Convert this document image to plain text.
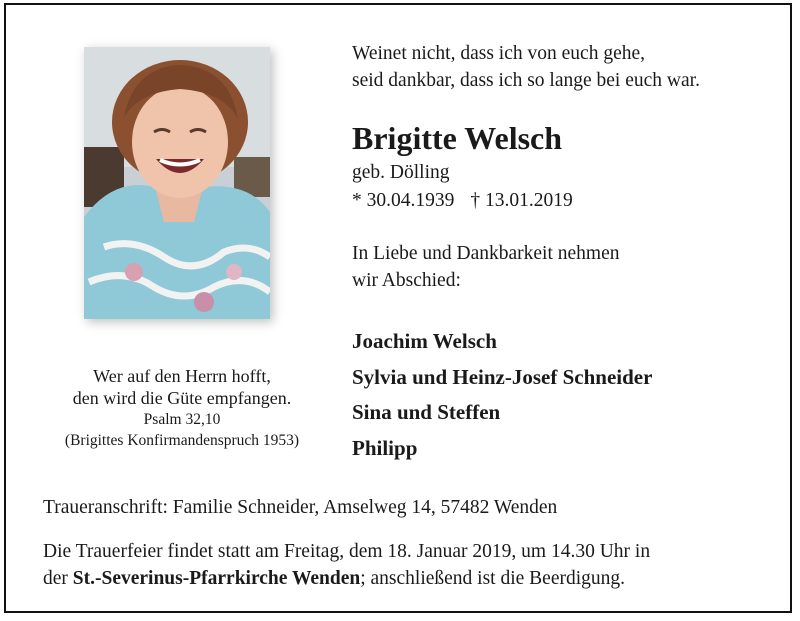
Weinet nicht, dass ich von euch gehe,
seid dankbar, dass ich so lange bei euch war.
Brigitte Welsch
geb. Dölling
* 30.04.1939 † 13.01.2019
In Liebe und Dankbarkeit nehmen
wir Abschied:
Joachim Welsch
Sylvia und Heinz-Josef Schneider
Sina und Steffen
Philipp
Wer auf den Herrn hofft,
den wird die Güte empfangen.
Psalm 32,10
(Brigittes Konfirmandenspruch 1953)
Traueranschrift: Familie Schneider, Amselweg 14, 57482 Wenden
Die Trauerfeier findet statt am Freitag, dem 18. Januar 2019, um 14.30 Uhr in
der St.-Severinus-Pfarrkirche Wenden; anschließend ist die Beerdigung.
